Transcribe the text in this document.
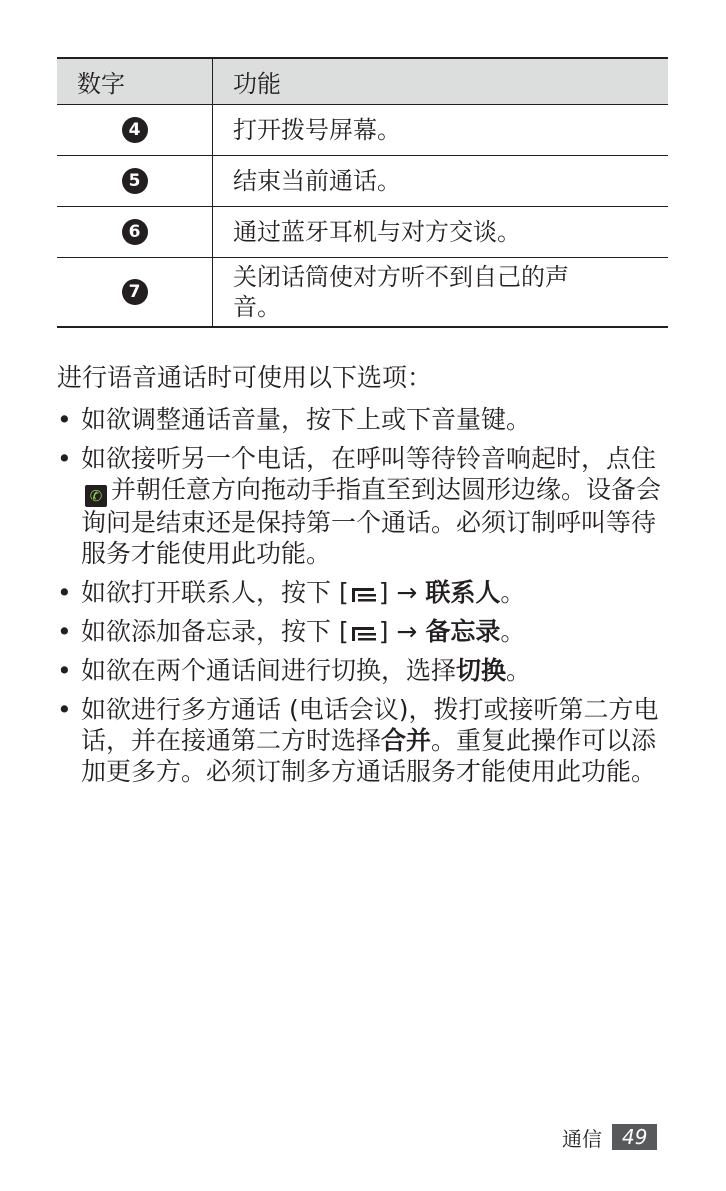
数字	功能
4	打开拨号屏幕。
5	结束当前通话。
6	通过蓝牙耳机与对方交谈。
7	关闭话筒使对方听不到自己的声音。

进行语音通话时可使用以下选项：

• 如欲调整通话音量，按下上或下音量键。
• 如欲接听另一个电话，在呼叫等待铃音响起时，点住✆ 并朝任意方向拖动手指直至到达圆形边缘。设备会询问是结束还是保持第一个通话。必须订制呼叫等待服务才能使用此功能。
• 如欲打开联系人，按下 [ ] → 联系人。
• 如欲添加备忘录，按下 [ ] → 备忘录。
• 如欲在两个通话间进行切换，选择切换。
• 如欲进行多方通话 (电话会议)，拨打或接听第二方电话，并在接通第二方时选择合并。重复此操作可以添加更多方。必须订制多方通话服务才能使用此功能。
通信	49
